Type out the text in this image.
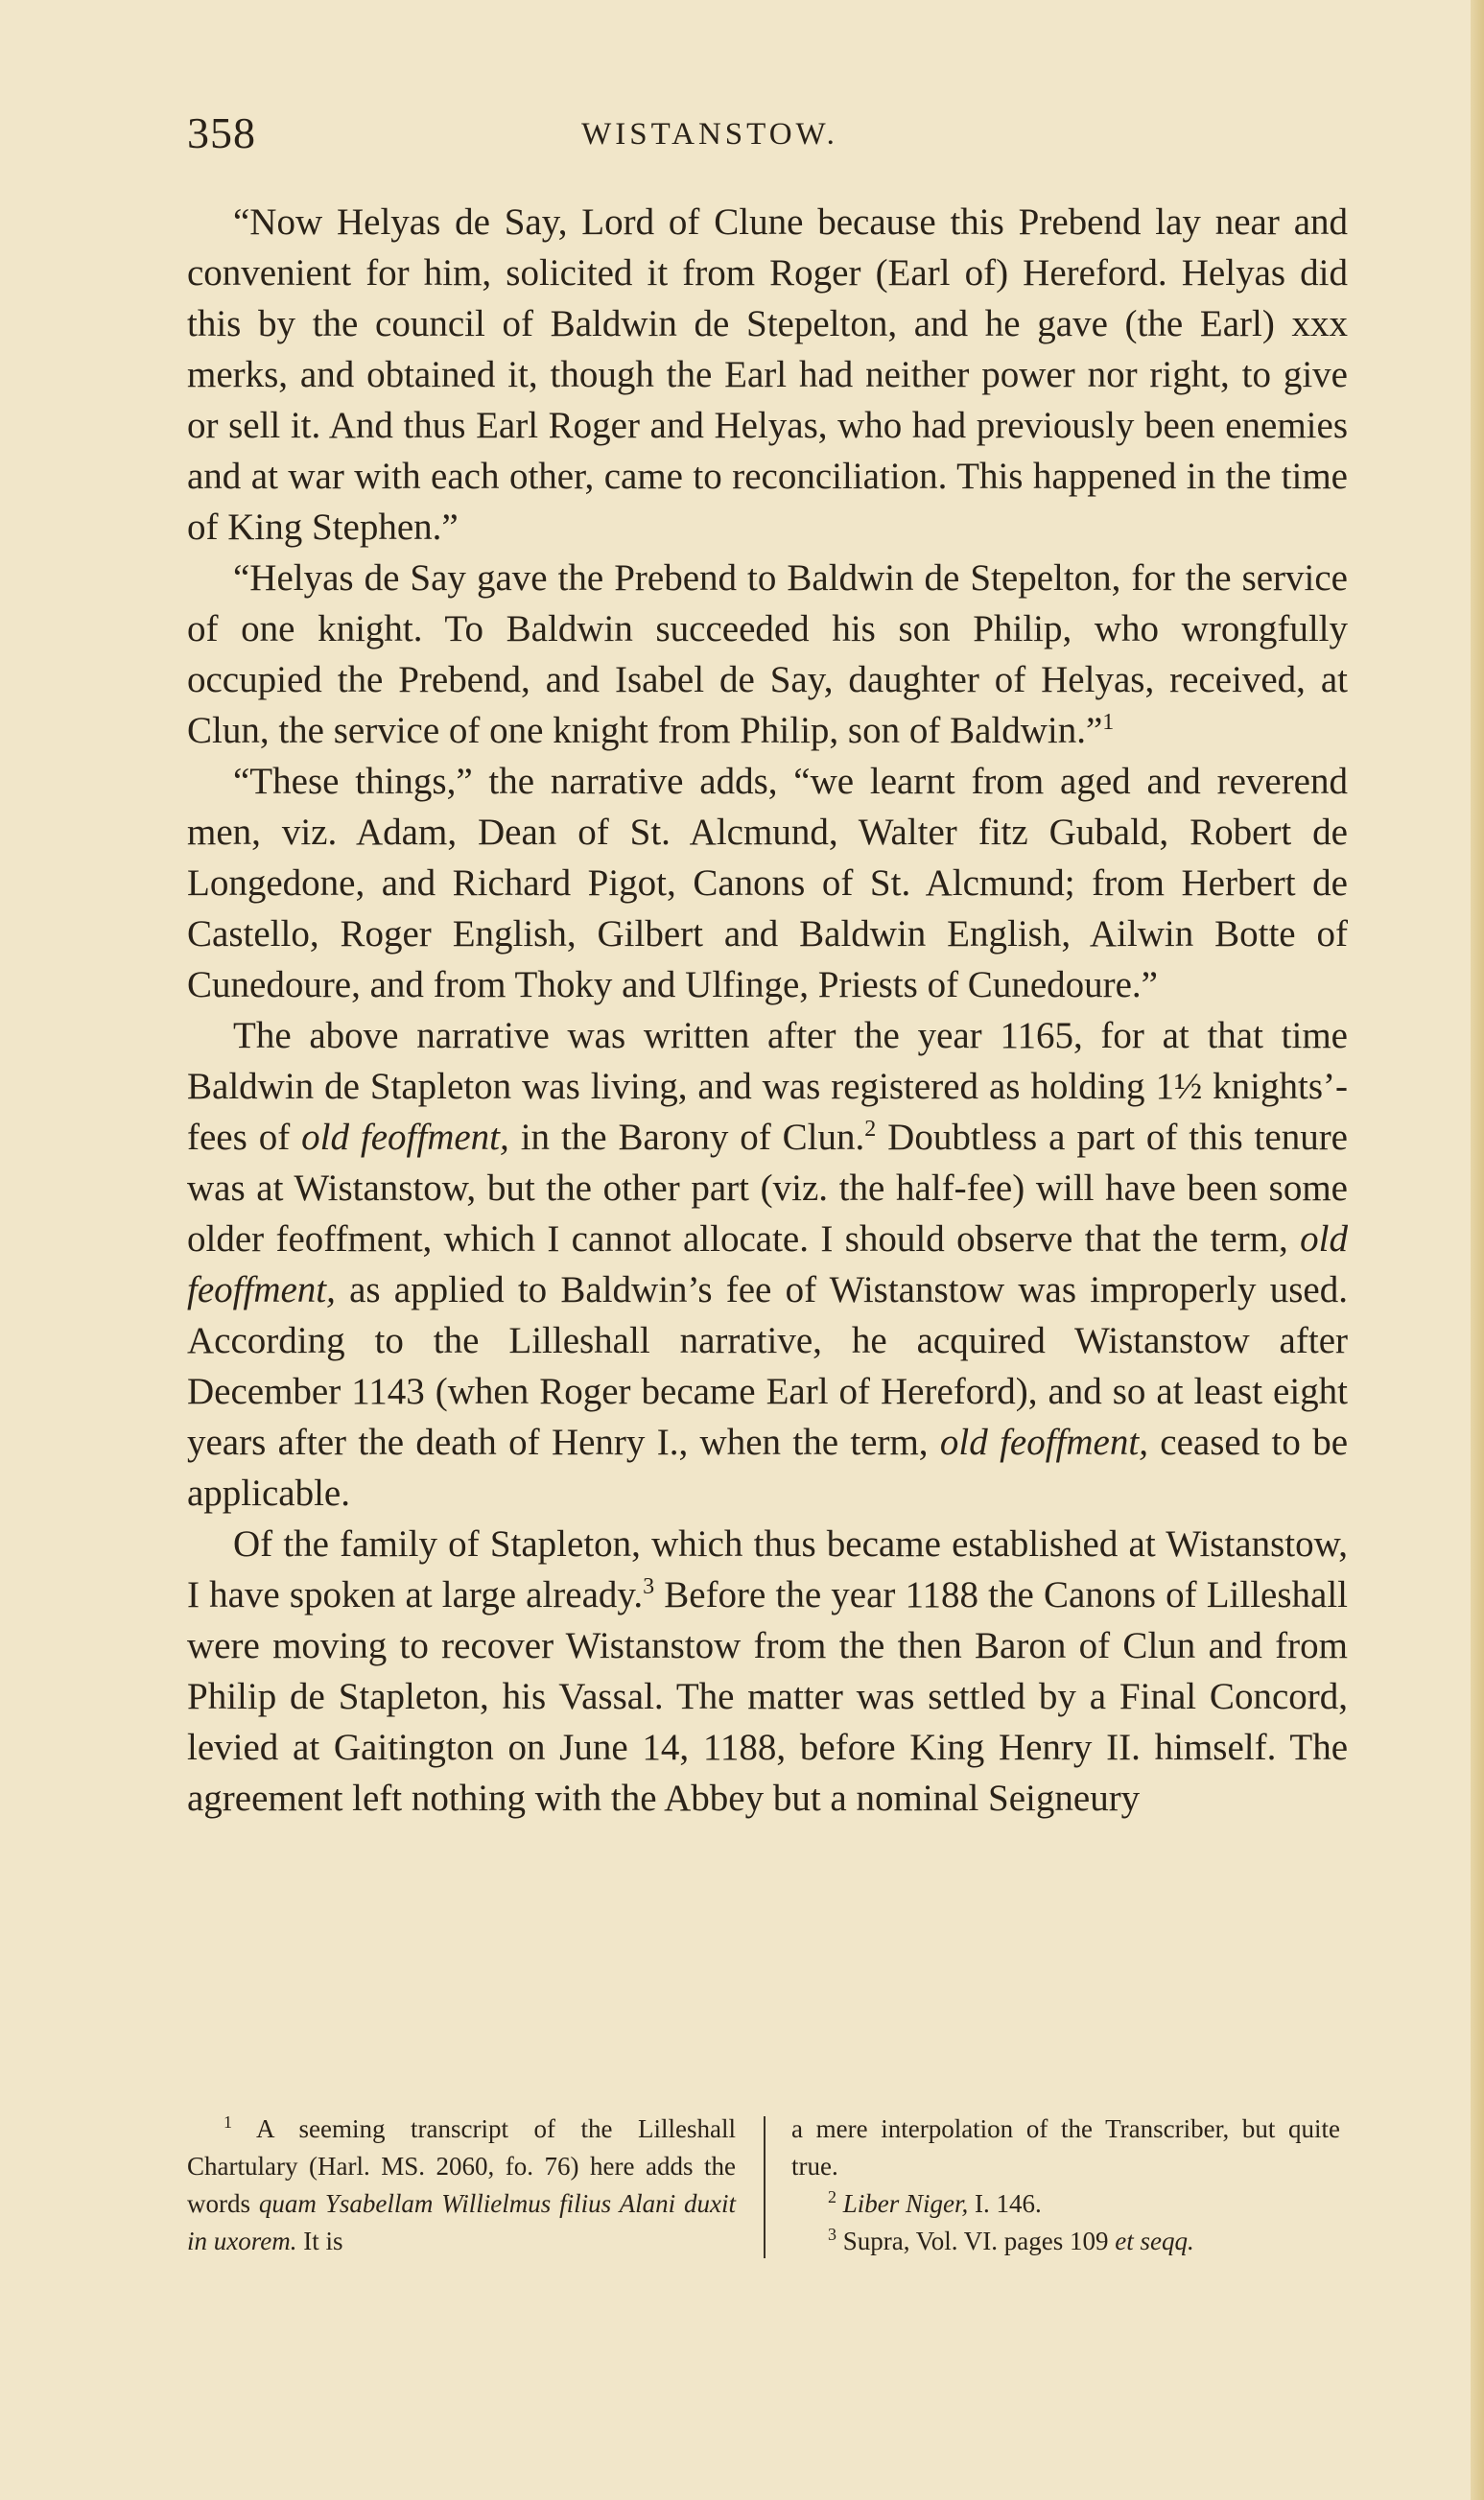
358	WISTANSTOW.

“Now Helyas de Say, Lord of Clune because this Prebend lay near and convenient for him, solicited it from Roger (Earl of) Hereford. Helyas did this by the council of Baldwin de Stepelton, and he gave (the Earl) xxx merks, and obtained it, though the Earl had neither power nor right, to give or sell it. And thus Earl Roger and Helyas, who had previously been enemies and at war with each other, came to reconciliation. This happened in the time of King Stephen.”

“Helyas de Say gave the Prebend to Baldwin de Stepelton, for the service of one knight. To Baldwin succeeded his son Philip, who wrongfully occupied the Prebend, and Isabel de Say, daughter of Helyas, received, at Clun, the service of one knight from Philip, son of Baldwin.”$^1$

“These things,” the narrative adds, “we learnt from aged and reverend men, viz. Adam, Dean of St. Alcmund, Walter fitz Gubald, Robert de Longedone, and Richard Pigot, Canons of St. Alcmund; from Herbert de Castello, Roger English, Gilbert and Baldwin English, Ailwin Botte of Cunedoure, and from Thoky and Ulfinge, Priests of Cunedoure.”

The above narrative was written after the year 1165, for at that time Baldwin de Stapleton was living, and was registered as holding 1½ knights’-fees of old feoffment, in the Barony of Clun.$^2$ Doubtless a part of this tenure was at Wistanstow, but the other part (viz. the half-fee) will have been some older feoffment, which I cannot allocate. I should observe that the term, old feoffment, as applied to Baldwin’s fee of Wistanstow was improperly used. According to the Lilleshall narrative, he acquired Wistanstow after December 1143 (when Roger became Earl of Hereford), and so at least eight years after the death of Henry I., when the term, old feoffment, ceased to be applicable.

Of the family of Stapleton, which thus became established at Wistanstow, I have spoken at large already.$^3$ Before the year 1188 the Canons of Lilleshall were moving to recover Wistanstow from the then Baron of Clun and from Philip de Stapleton, his Vassal. The matter was settled by a Final Concord, levied at Gaitington on June 14, 1188, before King Henry II. himself. The agreement left nothing with the Abbey but a nominal Seigneury

$^1$ A seeming transcript of the Lilleshall Chartulary (Harl. MS. 2060, fo. 76) here adds the words quam Ysabellam Willielmus filius Alani duxit in uxorem. It is

a mere interpolation of the Transcriber, but quite true.

$^2$ Liber Niger, I. 146.

$^3$ Supra, Vol. VI. pages 109 et seqq.
